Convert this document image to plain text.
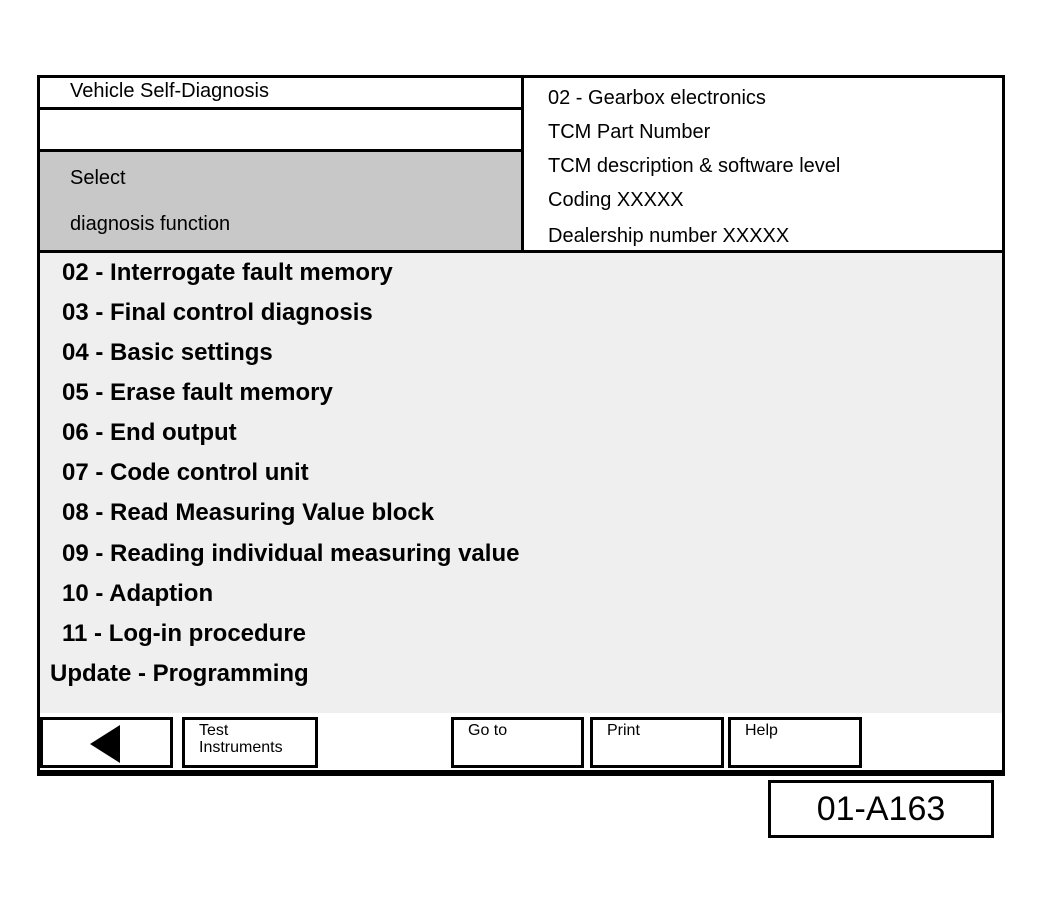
Vehicle Self-Diagnosis
Select
diagnosis function
02 - Gearbox electronics
TCM Part Number
TCM description & software level
Coding XXXXX
Dealership number XXXXX
02 - Interrogate fault memory
03 - Final control diagnosis
04 - Basic settings
05 - Erase fault memory
06 - End output
07 - Code control unit
08 - Read Measuring Value block
09 - Reading individual measuring value
10 - Adaption
11 - Log-in procedure
Update - Programming
Test
Instruments
Go to	Print	Help
01-A163
